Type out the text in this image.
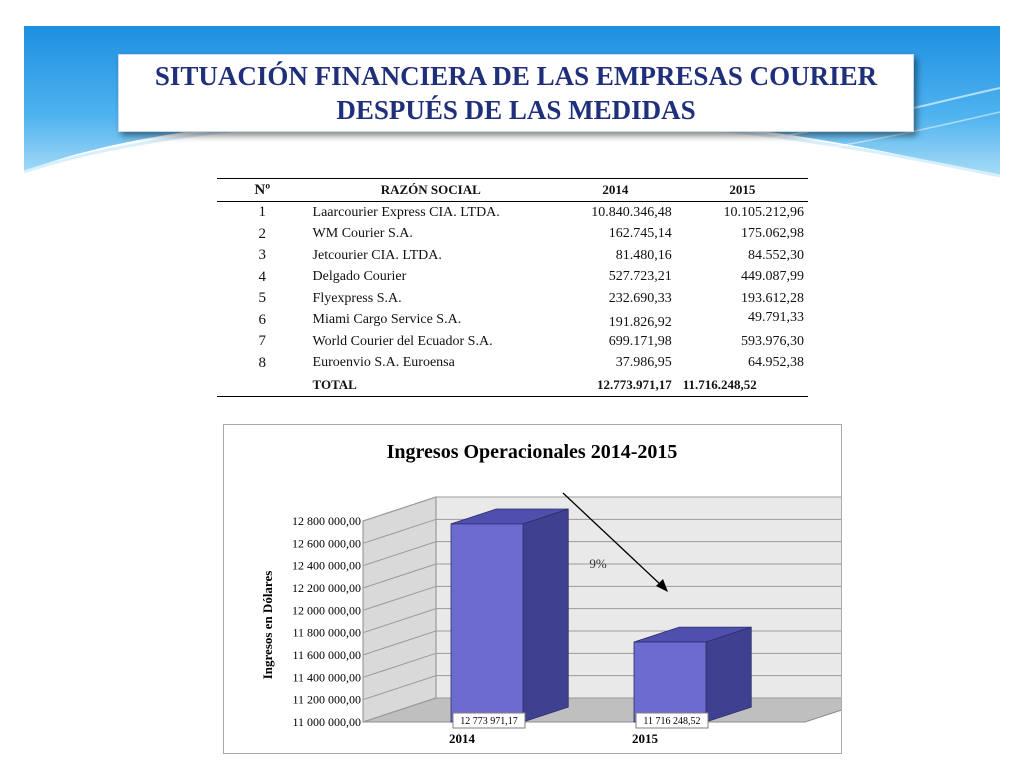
SITUACIÓN FINANCIERA DE LAS EMPRESAS COURIER
DESPUÉS DE LAS MEDIDAS
Nº	RAZÓN SOCIAL	2014	2015
1	Laarcourier Express CIA. LTDA.	10.840.346,48	10.105.212,96
2	WM Courier S.A.	162.745,14	175.062,98
3	Jetcourier CIA. LTDA.	81.480,16	84.552,30
4	Delgado Courier	527.723,21	449.087,99
5	Flyexpress S.A.	232.690,33	193.612,28
6	Miami Cargo Service S.A.	191.826,92	49.791,33
7	World Courier del Ecuador S.A.	699.171,98	593.976,30
8	Euroenvio S.A. Euroensa	37.986,95	64.952,38
	TOTAL	12.773.971,17	11.716.248,52
Ingresos Operacionales 2014-2015
11 000 000,00
11 200 000,00
11 400 000,00
11 600 000,00
11 800 000,00
12 000 000,00
12 200 000,00
12 400 000,00
12 600 000,00
12 800 000,00
Ingresos en Dólares
12 773 971,17
2014
11 716 248,52
2015
9%
